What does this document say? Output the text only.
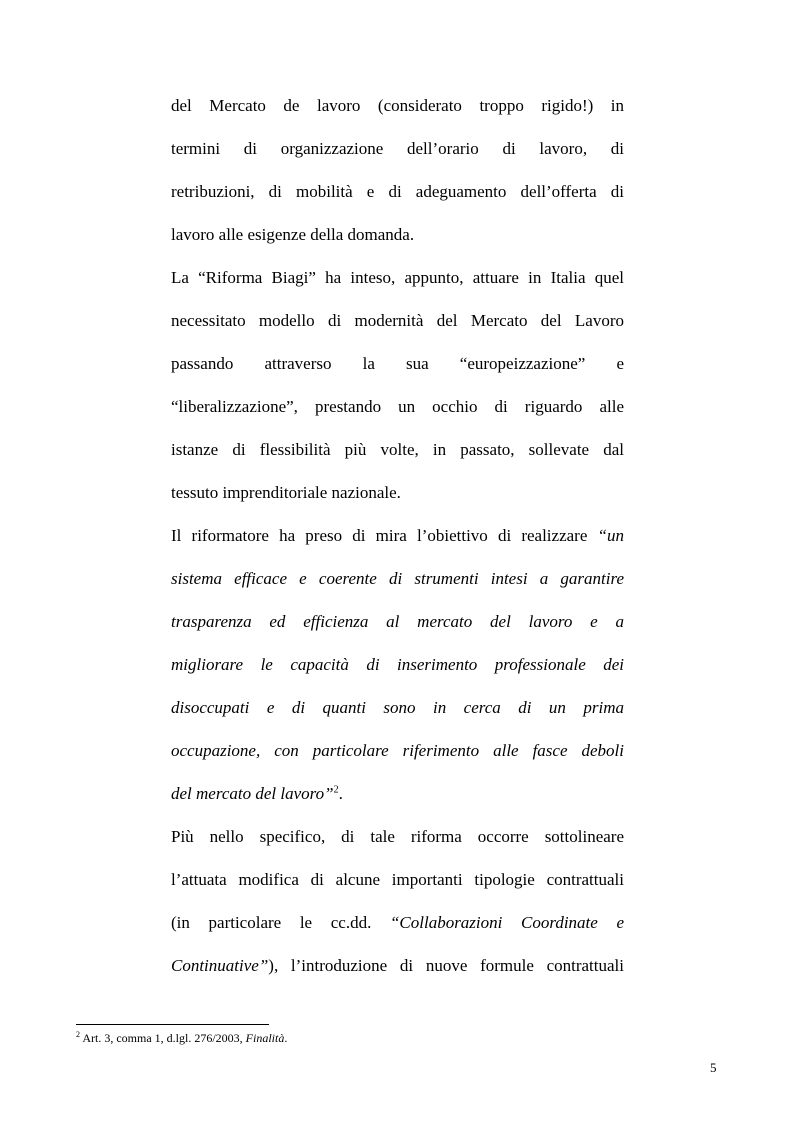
del Mercato de lavoro (considerato troppo rigido!) in
termini di organizzazione dell’orario di lavoro, di
retribuzioni, di mobilità e di adeguamento dell’offerta di
lavoro alle esigenze della domanda.
La “Riforma Biagi” ha inteso, appunto, attuare in Italia quel
necessitato modello di modernità del Mercato del Lavoro
passando attraverso la sua “europeizzazione” e
“liberalizzazione”, prestando un occhio di riguardo alle
istanze di flessibilità più volte, in passato, sollevate dal
tessuto imprenditoriale nazionale.
Il riformatore ha preso di mira l’obiettivo di realizzare “un
sistema efficace e coerente di strumenti intesi a garantire
trasparenza ed efficienza al mercato del lavoro e a
migliorare le capacità di inserimento professionale dei
disoccupati e di quanti sono in cerca di un prima
occupazione, con particolare riferimento alle fasce deboli
del mercato del lavoro”$^2$.
Più nello specifico, di tale riforma occorre sottolineare
l’attuata modifica di alcune importanti tipologie contrattuali
(in particolare le cc.dd. “Collaborazioni Coordinate e
Continuative”), l’introduzione di nuove formule contrattuali
$^2$ Art. 3, comma 1, d.lgl. 276/2003, Finalità.
5
